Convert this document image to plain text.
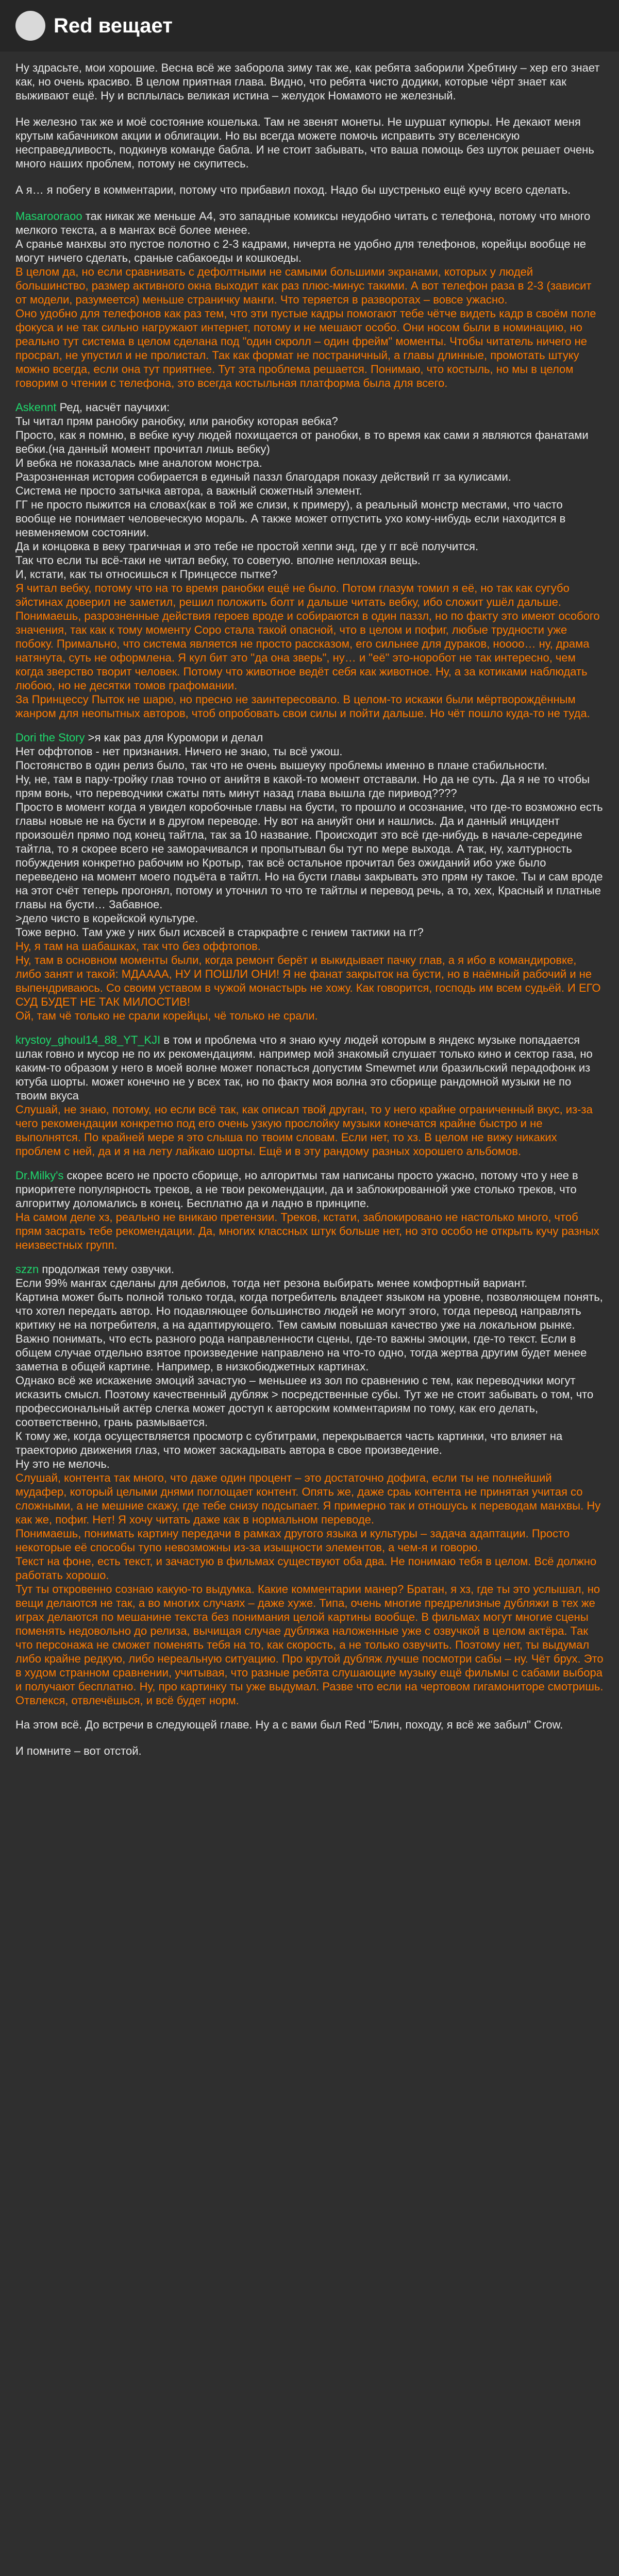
Red вещает
Ну здрасьте, мои хорошие. Весна всё же заборола зиму так же, как ребята заборили Хребтину – хер его знает как, но очень красиво. В целом приятная глава. Видно, что ребята чисто додики, которые чёрт знает как выживают ещё. Ну и всплылась великая истина – желудок Номамото не железный.
Не железно так же и моё состояние кошелька. Там не звенят монеты. Не шуршат купюры. Не декают меня крутым кабачником акции и облигации. Но вы всегда можете помочь исправить эту вселенскую несправедливость, подкинув команде бабла. И не стоит забывать, что ваша помощь без шуток решает очень много наших проблем, потому не скупитесь.
А я… я побегу в комментарии, потому что прибавил поход. Надо бы шустренько ещё кучу всего сделать.
Masаrooraoo так никак же меньше А4, это западные комиксы неудобно читать с телефона, потому что много мелкого текста, а в мангах всё более менее.
А сранье манхвы это пустое полотно с 2-3 кадрами, ничерта не удобно для телефонов, корейцы вообще не могут ничего сделать, сраные сабакоеды и кошкоеды.
В целом да, но если сравнивать с дефолтными не самыми большими экранами, которых у людей большинство, размер активного окна выходит как раз плюс-минус такими. А вот телефон раза в 2-3 (зависит от модели, разумеется) меньше страничку манги. Что теряется в разворотах – вовсе ужасно.
Оно удобно для телефонов как раз тем, что эти пустые кадры помогают тебе чётче видеть кадр в своём поле фокуса и не так сильно нагружают интернет, потому и не мешают особо. Они носом были в номинацию, но реально тут система в целом сделана под "один скролл – один фрейм" моменты. Чтобы читатель ничего не просрал, не упустил и не пролистал. Так как формат не постраничный, а главы длинные, промотать штуку можно всегда, если она тут приятнее. Тут эта проблема решается. Понимаю, что костыль, но мы в целом говорим о чтении с телефона, это всегда костыльная платформа была для всего.
Askennt Ред, насчёт паучихи:
Ты читал прям ранобку ранобку, или ранобку которая вебка?
Просто, как я помню, в вебке кучу людей похищается от ранобки, в то время как сами я являются фанатами вебки.(на данный момент прочитал лишь вебку)
И вебка не показалась мне аналогом монстра.
Разрозненная история собирается в единый паззл благодаря показу действий гг за кулисами.
Система не просто затычка автора, а важный сюжетный элемент.
ГГ не просто пыжится на словах(как в той же слизи, к примеру), а реальный монстр местами, что часто вообще не понимает человеческую мораль. А также может отпустить ухо кому-нибудь если находится в невменяемом состоянии.
Да и концовка в веку трагичная и это тебе не простой хеппи энд, где у гг всё получится.
Так что если ты всё-таки не читал вебку, то советую. вполне неплохая вещь.
И, кстати, как ты относишься к Принцессе пытке?
Я читал вебку, потому что на то время ранобки ещё не было. Потом глазум томил я её, но так как сугубо эйстинах доверил не заметил, решил положить болт и дальше читать вебку, ибо сложит ушёл дальше.
Понимаешь, разрозненные действия героев вроде и собираются в один паззл, но по факту это имеют особого значения, так как к тому моменту Соро стала такой опасной, что в целом и пофиг, любые трудности уже побоку. Примально, что система является не просто рассказом, его сильнее для дураков, ноооо… ну, драма натянута, суть не оформлена. Я кул бит это "да она зверь", ну… и "её" это-норобот не так интересно, чем когда зверство творит человек. Потому что животное ведёт себя как животное. Ну, а за котиками наблюдать любою, но не десятки томов графомании.
За Принцессу Пыток не шарю, но пресно не заинтересовало. В целом-то искажи были мёртворождённым жанром для неопытных авторов, чтоб опробовать свои силы и пойти дальше. Но чёт пошло куда-то не туда.
Dori the Story >я как раз для Куромори и делал
Нет оффтопов - нет признания. Ничего не знаю, ты всё ужош.
Постоянство в один релиз было, так что не очень вышеуку проблемы именно в плане стабильности.
Ну, не, там в пару-тройку глав точно от анийтя в какой-то момент отставали. Но да не суть. Да я не то чтобы прям вонь, что переводчики сжаты пять минут назад глава вышла где пиривод????
Просто в момент когда я увидел коробочные главы на бусти, то прошло и осознание, что где-то возможно есть главы новые не на бусти и в другом переводе. Ну вот на аниуйт они и нашлись. Да и данный инцидент произошёл прямо под конец тайтла, так за 10 название. Происходит это всё где-нибудь в начале-середине тайтла, то я скорее всего не заморачивался и пропытывал бы тут по мере выхода. А так, ну, халтурность побуждения конкретно рабочим но Кротыр, так всё остальное прочитал без ожиданий ибо уже было переведено на момент моего подъёта в тайтл. Но на бусти главы закрывать это прям ну такое. Ты и сам вроде на этот счёт теперь прогонял, потому и уточнил то что те тайтлы и перевод речь, а то, хех, Красный и платные главы на бусти… Забавное.
>дело чисто в корейской культуре.
Тоже верно. Там уже у них был исхвсей в старкрафте с гением тактики на гг?
Ну, я там на шабашках, так что без оффтопов.
Ну, там в основном моменты были, когда ремонт берёт и выкидывает пачку глав, а я ибо в командировке, либо занят и такой: МДАААА, НУ И ПОШЛИ ОНИ! Я не фанат закрыток на бусти, но в наёмный рабочий и не выпендриваюсь. Со своим уставом в чужой монастырь не хожу. Как говорится, господь им всем судьёй. И ЕГО СУД БУДЕТ НЕ ТАК МИЛОСТИВ!
Ой, там чё только не срали корейцы, чё только не срали.
krystoy_ghoul14_88_YT_KJI в том и проблема что я знаю кучу людей которым в яндекс музыке попадается шлак говно и мусор не по их рекомендациям. например мой знакомый слушает только кино и сектор газа, но каким-то образом у него в моей волне может попасться допустим Smewmet или бразильский перадофонк из ютуба шорты. может конечно не у всех так, но по факту моя волна это сборище рандомной музыки не по твоим вкуса
Слушай, не знаю, потому, но если всё так, как описал твой друган, то у него крайне ограниченный вкус, из-за чего рекомендации конкретно под его очень узкую прослойку музыки конечатся крайне быстро и не выполнятся. По крайней мере я это слыша по твоим словам. Если нет, то хз. В целом не вижу никаких проблем с ней, да и я на лету лайкаю шорты. Ещё и в эту рандому разных хорошего альбомов.
Dr.Milky's скорее всего не просто сборище, но алгоритмы там написаны просто ужасно, потому что у нее в приоритете популярность треков, а не твои рекомендации, да и заблокированной уже столько треков, что алгоритму доломались в конец. Бесплатно да и ладно в принципе.
На самом деле хз, реально не вникаю претензии. Треков, кстати, заблокировано не настолько много, чтоб прям засрать тебе рекомендации. Да, многих классных штук больше нет, но это особо не открыть кучу разных неизвестных групп.
szzn продолжая тему озвучки.
Если 99% мангах сделаны для дебилов, тогда нет резона выбирать менее комфортный вариант.
Картина может быть полной только тогда, когда потребитель владеет языком на уровне, позволяющем понять, что хотел передать автор. Но подавляющее большинство людей не могут этого, тогда перевод направлять критику не на потребителя, а на адаптирующего. Тем самым повышая качество уже на локальном рынке.
Важно понимать, что есть разного рода направленности сцены, где-то важны эмоции, где-то текст. Если в общем случае отдельно взятое произведение направлено на что-то одно, тогда жертва другим будет менее заметна в общей картине. Например, в низкобюджетных картинах.
Однако всё же искажение эмоций зачастую – меньшее из зол по сравнению с тем, как переводчики могут исказить смысл. Поэтому качественный дубляж > посредственные субы. Тут же не стоит забывать о том, что профессиональный актёр слегка может доступ к авторским комментариям по тому, как его делать, соответственно, грань размывается.
К тому же, когда осуществляется просмотр с субтитрами, перекрывается часть картинки, что влияет на траекторию движения глаз, что может заскадывать автора в свое произведение.
Ну это не мелочь.
Слушай, контента так много, что даже один процент – это достаточно дофига, если ты не полнейший мудафер, который целыми днями поглощает контент. Опять же, даже сраь контента не принятая учитая со сложными, а не мешние скажу, где тебе снизу подсыпает. Я примерно так и отношусь к переводам манхвы. Ну как же, пофиг. Нет! Я хочу читать даже как в нормальном переводе.
Понимаешь, понимать картину передачи в рамках другого языка и культуры – задача адаптации. Просто некоторые её способы тупо невозможны из-за изыщности элементов, а чем-я и говорю.
Текст на фоне, есть текст, и зачастую в фильмах существуют оба два. Не понимаю тебя в целом. Всё должно работать хорошо.
Тут ты откровенно сознаю какую-то выдумка. Какие комментарии манер? Братан, я хз, где ты это услышал, но вещи делаются не так, а во многих случаях – даже хуже. Типа, очень многие предрелизные дубляжи в тех же играх делаются по мешанине текста без понимания целой картины вообще. В фильмах могут многие сцены поменять недовольно до релиза, вычищая случае дубляжа наложенные уже с озвучкой в целом актёра. Так что персонажа не сможет поменять тебя на то, как скорость, а не только озвучить. Поэтому нет, ты выдумал либо крайне редкую, либо нереальную ситуацию. Про крутой дубляж лучше посмотри сабы – ну. Чёт брух. Это в худом странном сравнении, учитывая, что разные ребята слушающие музыку ещё фильмы с сабами выбора и получают бесплатно. Ну, про картинку ты уже выдумал. Разве что если на чертовом гигамониторе смотришь. Отвлекся, отвлечёшься, и всё будет норм.
На этом всё. До встречи в следующей главе. Ну а с вами был Red "Блин, походу, я всё же забыл" Crow.
И помните – вот отстой.
